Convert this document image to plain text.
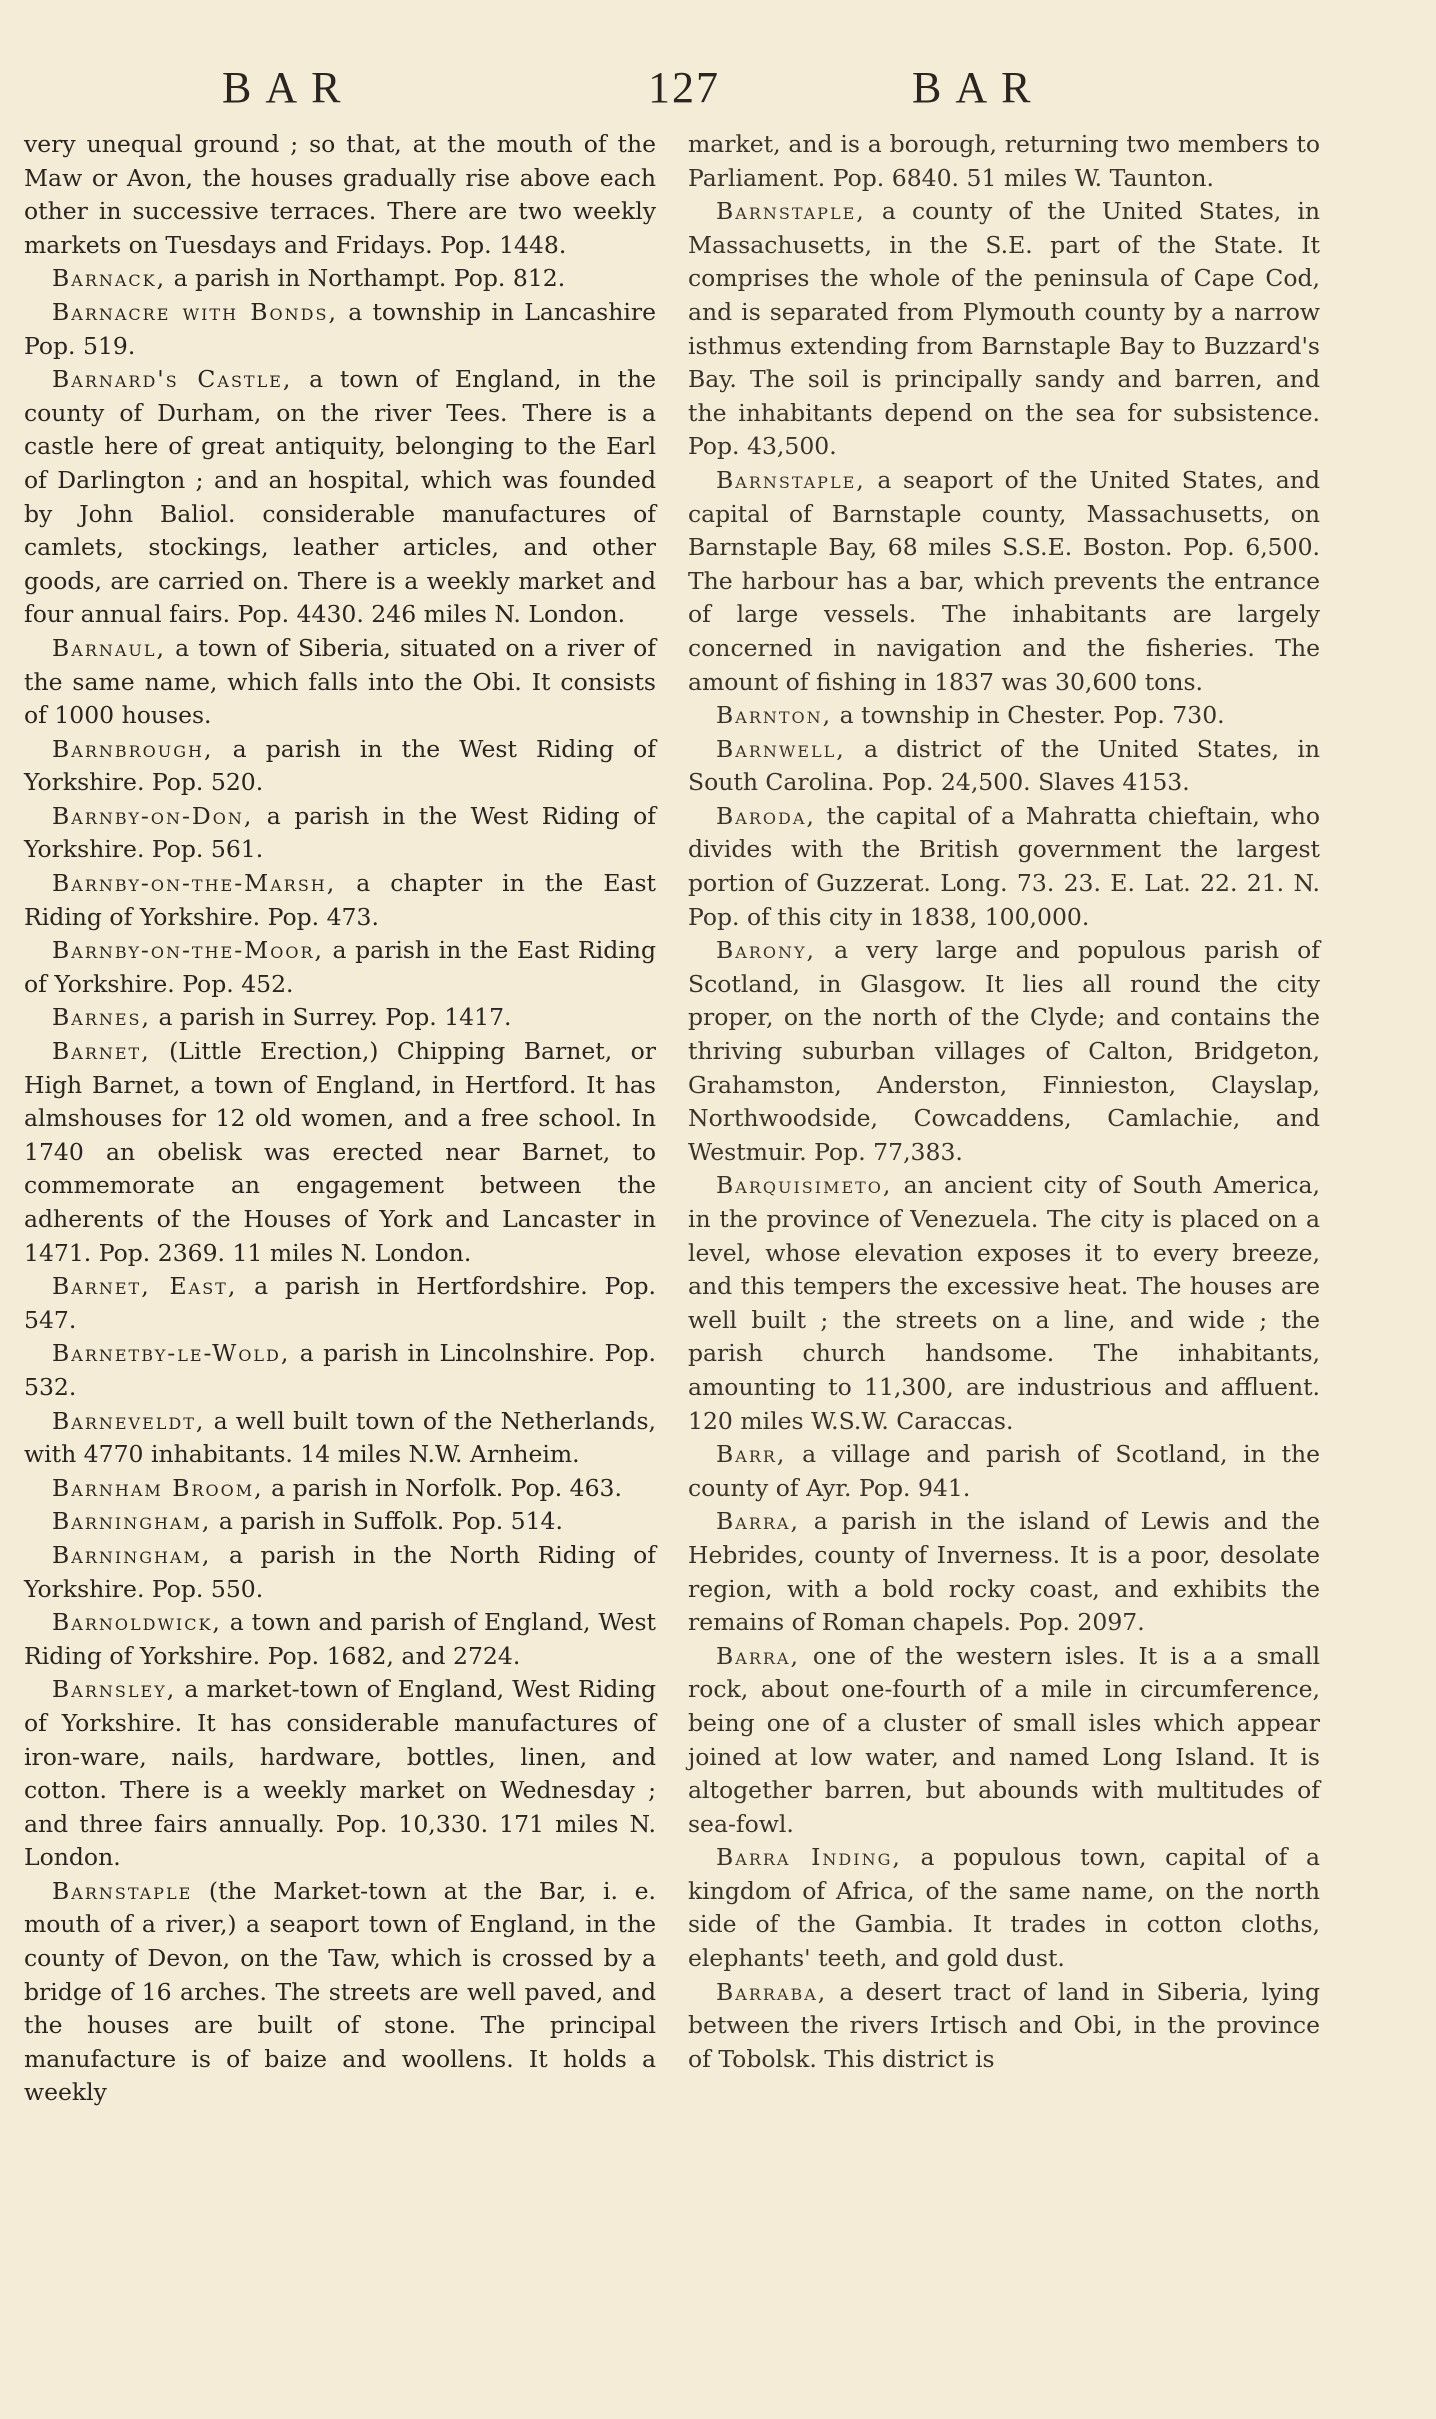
BAR	127	BAR

very unequal ground ; so that, at the mouth of the Maw or Avon, the houses gradually rise above each other in successive terraces. There are two weekly markets on Tuesdays and Fridays. Pop. 1448.

Barnack, a parish in Northampt. Pop. 812.

Barnacre with Bonds, a township in Lancashire Pop. 519.

Barnard's Castle, a town of England, in the county of Durham, on the river Tees. There is a castle here of great antiquity, belonging to the Earl of Darlington ; and an hospital, which was founded by John Baliol. considerable manufactures of camlets, stockings, leather articles, and other goods, are carried on. There is a weekly market and four annual fairs. Pop. 4430. 246 miles N. London.

Barnaul, a town of Siberia, situated on a river of the same name, which falls into the Obi. It consists of 1000 houses.

Barnbrough, a parish in the West Riding of Yorkshire. Pop. 520.

Barnby-on-Don, a parish in the West Riding of Yorkshire. Pop. 561.

Barnby-on-the-Marsh, a chapter in the East Riding of Yorkshire. Pop. 473.

Barnby-on-the-Moor, a parish in the East Riding of Yorkshire. Pop. 452.

Barnes, a parish in Surrey. Pop. 1417.

Barnet, (Little Erection,) Chipping Barnet, or High Barnet, a town of England, in Hertford. It has almshouses for 12 old women, and a free school. In 1740 an obelisk was erected near Barnet, to commemorate an engagement between the adherents of the Houses of York and Lancaster in 1471. Pop. 2369. 11 miles N. London.

Barnet, East, a parish in Hertfordshire. Pop. 547.

Barnetby-le-Wold, a parish in Lincolnshire. Pop. 532.

Barneveldt, a well built town of the Netherlands, with 4770 inhabitants. 14 miles N.W. Arnheim.

Barnham Broom, a parish in Norfolk. Pop. 463.

Barningham, a parish in Suffolk. Pop. 514.

Barningham, a parish in the North Riding of Yorkshire. Pop. 550.

Barnoldwick, a town and parish of England, West Riding of Yorkshire. Pop. 1682, and 2724.

Barnsley, a market-town of England, West Riding of Yorkshire. It has considerable manufactures of iron-ware, nails, hardware, bottles, linen, and cotton. There is a weekly market on Wednesday ; and three fairs annually. Pop. 10,330. 171 miles N. London.

Barnstaple (the Market-town at the Bar, i. e. mouth of a river,) a seaport town of England, in the county of Devon, on the Taw, which is crossed by a bridge of 16 arches. The streets are well paved, and the houses are built of stone. The principal manufacture is of baize and woollens. It holds a weekly

market, and is a borough, returning two members to Parliament. Pop. 6840. 51 miles W. Taunton.

Barnstaple, a county of the United States, in Massachusetts, in the S.E. part of the State. It comprises the whole of the peninsula of Cape Cod, and is separated from Plymouth county by a narrow isthmus extending from Barnstaple Bay to Buzzard's Bay. The soil is principally sandy and barren, and the inhabitants depend on the sea for subsistence. Pop. 43,500.

Barnstaple, a seaport of the United States, and capital of Barnstaple county, Massachusetts, on Barnstaple Bay, 68 miles S.S.E. Boston. Pop. 6,500. The harbour has a bar, which prevents the entrance of large vessels. The inhabitants are largely concerned in navigation and the fisheries. The amount of fishing in 1837 was 30,600 tons.

Barnton, a township in Chester. Pop. 730.

Barnwell, a district of the United States, in South Carolina. Pop. 24,500. Slaves 4153.

Baroda, the capital of a Mahratta chieftain, who divides with the British government the largest portion of Guzzerat. Long. 73. 23. E. Lat. 22. 21. N. Pop. of this city in 1838, 100,000.

Barony, a very large and populous parish of Scotland, in Glasgow. It lies all round the city proper, on the north of the Clyde; and contains the thriving suburban villages of Calton, Bridgeton, Grahamston, Anderston, Finnieston, Clayslap, Northwoodside, Cowcaddens, Camlachie, and Westmuir. Pop. 77,383.

Barquisimeto, an ancient city of South America, in the province of Venezuela. The city is placed on a level, whose elevation exposes it to every breeze, and this tempers the excessive heat. The houses are well built ; the streets on a line, and wide ; the parish church handsome. The inhabitants, amounting to 11,300, are industrious and affluent. 120 miles W.S.W. Caraccas.

Barr, a village and parish of Scotland, in the county of Ayr. Pop. 941.

Barra, a parish in the island of Lewis and the Hebrides, county of Inverness. It is a poor, desolate region, with a bold rocky coast, and exhibits the remains of Roman chapels. Pop. 2097.

Barra, one of the western isles. It is a a small rock, about one-fourth of a mile in circumference, being one of a cluster of small isles which appear joined at low water, and named Long Island. It is altogether barren, but abounds with multitudes of sea-fowl.

Barra Inding, a populous town, capital of a kingdom of Africa, of the same name, on the north side of the Gambia. It trades in cotton cloths, elephants' teeth, and gold dust.

Barraba, a desert tract of land in Siberia, lying between the rivers Irtisch and Obi, in the province of Tobolsk. This district is
